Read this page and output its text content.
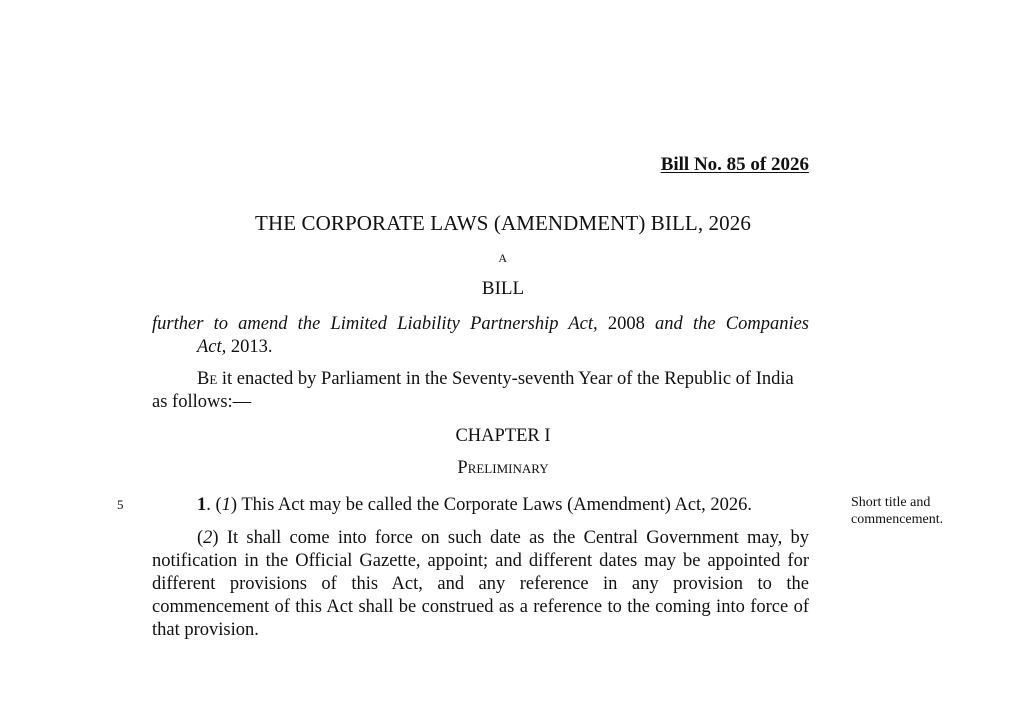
Bill No. 85 of 2026
THE CORPORATE LAWS (AMENDMENT) BILL, 2026
A
BILL
further to amend the Limited Liability Partnership Act, 2008 and the Companies
Act, 2013.
Be it enacted by Parliament in the Seventy-seventh Year of the Republic of India as follows:—
CHAPTER I
Preliminary
5	1. (1) This Act may be called the Corporate Laws (Amendment) Act, 2026.
(2) It shall come into force on such date as the Central Government may, by notification in the Official Gazette, appoint; and different dates may be appointed for different provisions of this Act, and any reference in any provision to the commencement of this Act shall be construed as a reference to the coming into force of that provision.
Short title and commencement.
